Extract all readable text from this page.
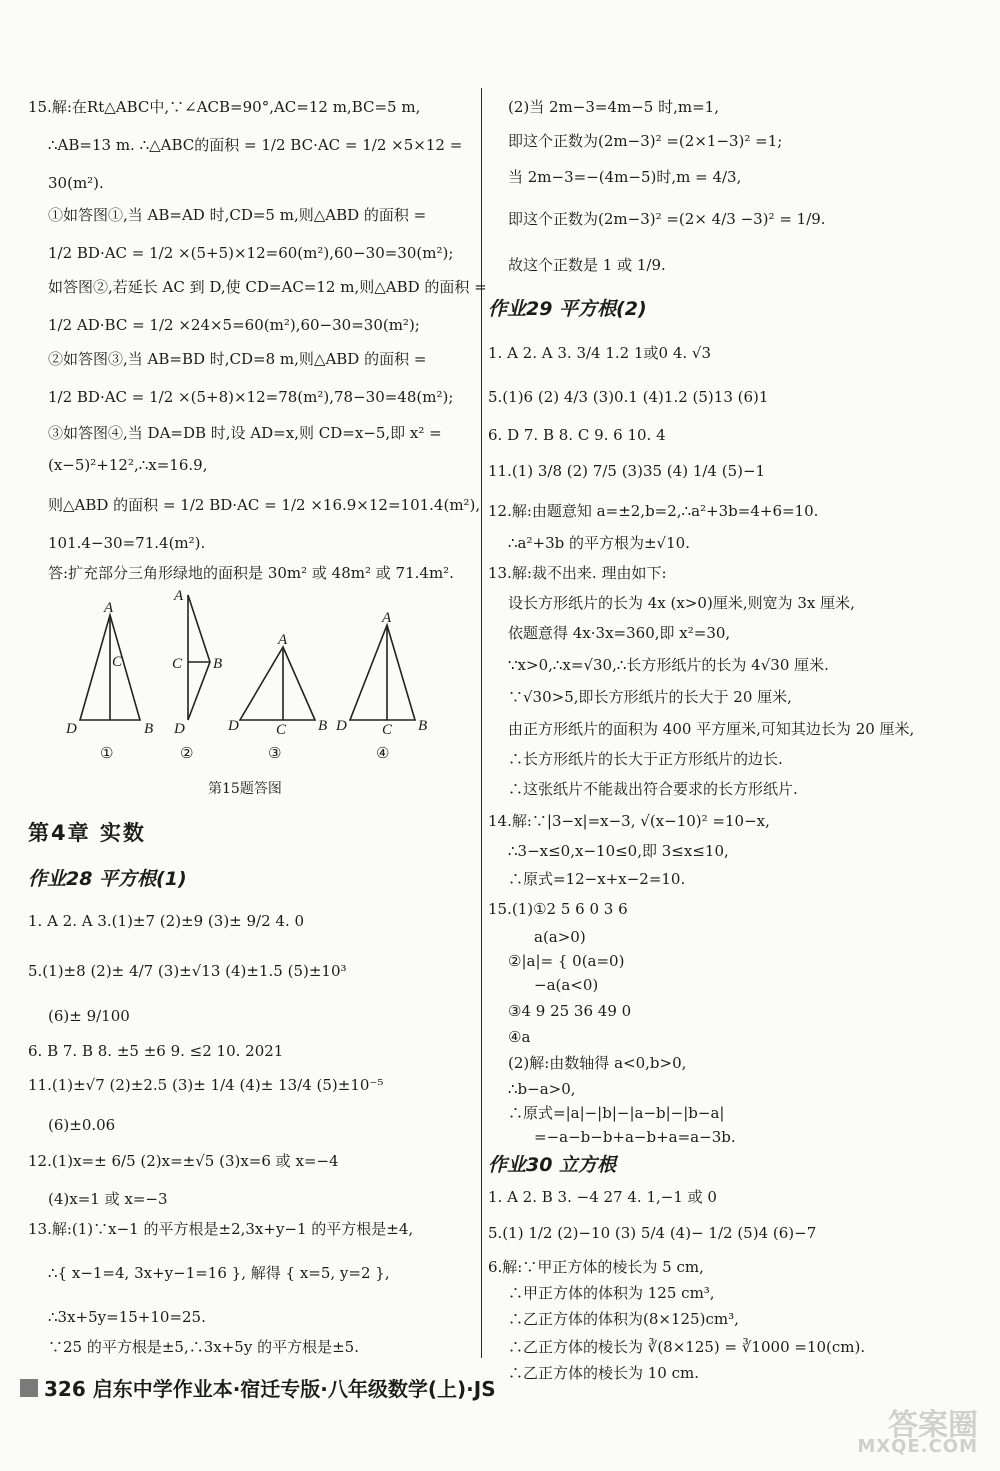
15.解:在Rt△ABC中,∵∠ACB=90°,AC=12 m,BC=5 m,
∴AB=13 m. ∴△ABC的面积 = 1/2 BC·AC = 1/2 ×5×12 =
30(m²).
①如答图①,当 AB=AD 时,CD=5 m,则△ABD 的面积 =
1/2 BD·AC = 1/2 ×(5+5)×12=60(m²),60−30=30(m²);
如答图②,若延长 AC 到 D,使 CD=AC=12 m,则△ABD 的面积 =
1/2 AD·BC = 1/2 ×24×5=60(m²),60−30=30(m²);
②如答图③,当 AB=BD 时,CD=8 m,则△ABD 的面积 =
1/2 BD·AC = 1/2 ×(5+8)×12=78(m²),78−30=48(m²);
③如答图④,当 DA=DB 时,设 AD=x,则 CD=x−5,即 x² =
(x−5)²+12²,∴x=16.9,
则△ABD 的面积 = 1/2 BD·AC = 1/2 ×16.9×12=101.4(m²),
101.4−30=71.4(m²).
答:扩充部分三角形绿地的面积是 30m² 或 48m² 或 71.4m².
A
C
B
D
A
C B
D
A
D C B
A
D C B
①	②	③	④
第15题答图
第4章 实数
作业28 平方根(1)
1. A 2. A 3.(1)±7 (2)±9 (3)± 9/2 4. 0
5.(1)±8 (2)± 4/7 (3)±√13 (4)±1.5 (5)±10³
(6)± 9/100
6. B 7. B 8. ±5 ±6 9. ≤2 10. 2021
11.(1)±√7 (2)±2.5 (3)± 1/4 (4)± 13/4 (5)±10⁻⁵
(6)±0.06
12.(1)x=± 6/5 (2)x=±√5 (3)x=6 或 x=−4
(4)x=1 或 x=−3
13.解:(1)∵x−1 的平方根是±2,3x+y−1 的平方根是±4,
∴{ x−1=4, 3x+y−1=16 }, 解得 { x=5, y=2 },
∴3x+5y=15+10=25.
∵25 的平方根是±5,∴3x+5y 的平方根是±5.
(2)当 2m−3=4m−5 时,m=1,
即这个正数为(2m−3)² =(2×1−3)² =1;
当 2m−3=−(4m−5)时,m = 4/3,
即这个正数为(2m−3)² =(2× 4/3 −3)² = 1/9.
故这个正数是 1 或 1/9.
作业29 平方根(2)
1. A 2. A 3. 3/4 1.2 1或0 4. √3
5.(1)6 (2) 4/3 (3)0.1 (4)1.2 (5)13 (6)1
6. D 7. B 8. C 9. 6 10. 4
11.(1) 3/8 (2) 7/5 (3)35 (4) 1/4 (5)−1
12.解:由题意知 a=±2,b=2,∴a²+3b=4+6=10.
∴a²+3b 的平方根为±√10.
13.解:裁不出来. 理由如下:
设长方形纸片的长为 4x (x>0)厘米,则宽为 3x 厘米,
依题意得 4x·3x=360,即 x²=30,
∵x>0,∴x=√30,∴长方形纸片的长为 4√30 厘米.
∵√30>5,即长方形纸片的长大于 20 厘米,
由正方形纸片的面积为 400 平方厘米,可知其边长为 20 厘米,
∴长方形纸片的长大于正方形纸片的边长.
∴这张纸片不能裁出符合要求的长方形纸片.
14.解:∵|3−x|=x−3, √(x−10)² =10−x,
∴3−x≤0,x−10≤0,即 3≤x≤10,
∴原式=12−x+x−2=10.
15.(1)①2 5 6 0 3 6
a(a>0)
②|a|= { 0(a=0)
−a(a<0)
③4 9 25 36 49 0
④a
(2)解:由数轴得 a<0,b>0,
∴b−a>0,
∴原式=|a|−|b|−|a−b|−|b−a|
=−a−b−b+a−b+a=a−3b.
作业30 立方根
1. A 2. B 3. −4 27 4. 1,−1 或 0
5.(1) 1/2 (2)−10 (3) 5/4 (4)− 1/2 (5)4 (6)−7
6.解:∵甲正方体的棱长为 5 cm,
∴甲正方体的体积为 125 cm³,
∴乙正方体的体积为(8×125)cm³,
∴乙正方体的棱长为 ∛(8×125) = ∛1000 =10(cm).
∴乙正方体的棱长为 10 cm.
326 启东中学作业本·宿迁专版·八年级数学(上)·JS
答案圈
MXQE.COM
